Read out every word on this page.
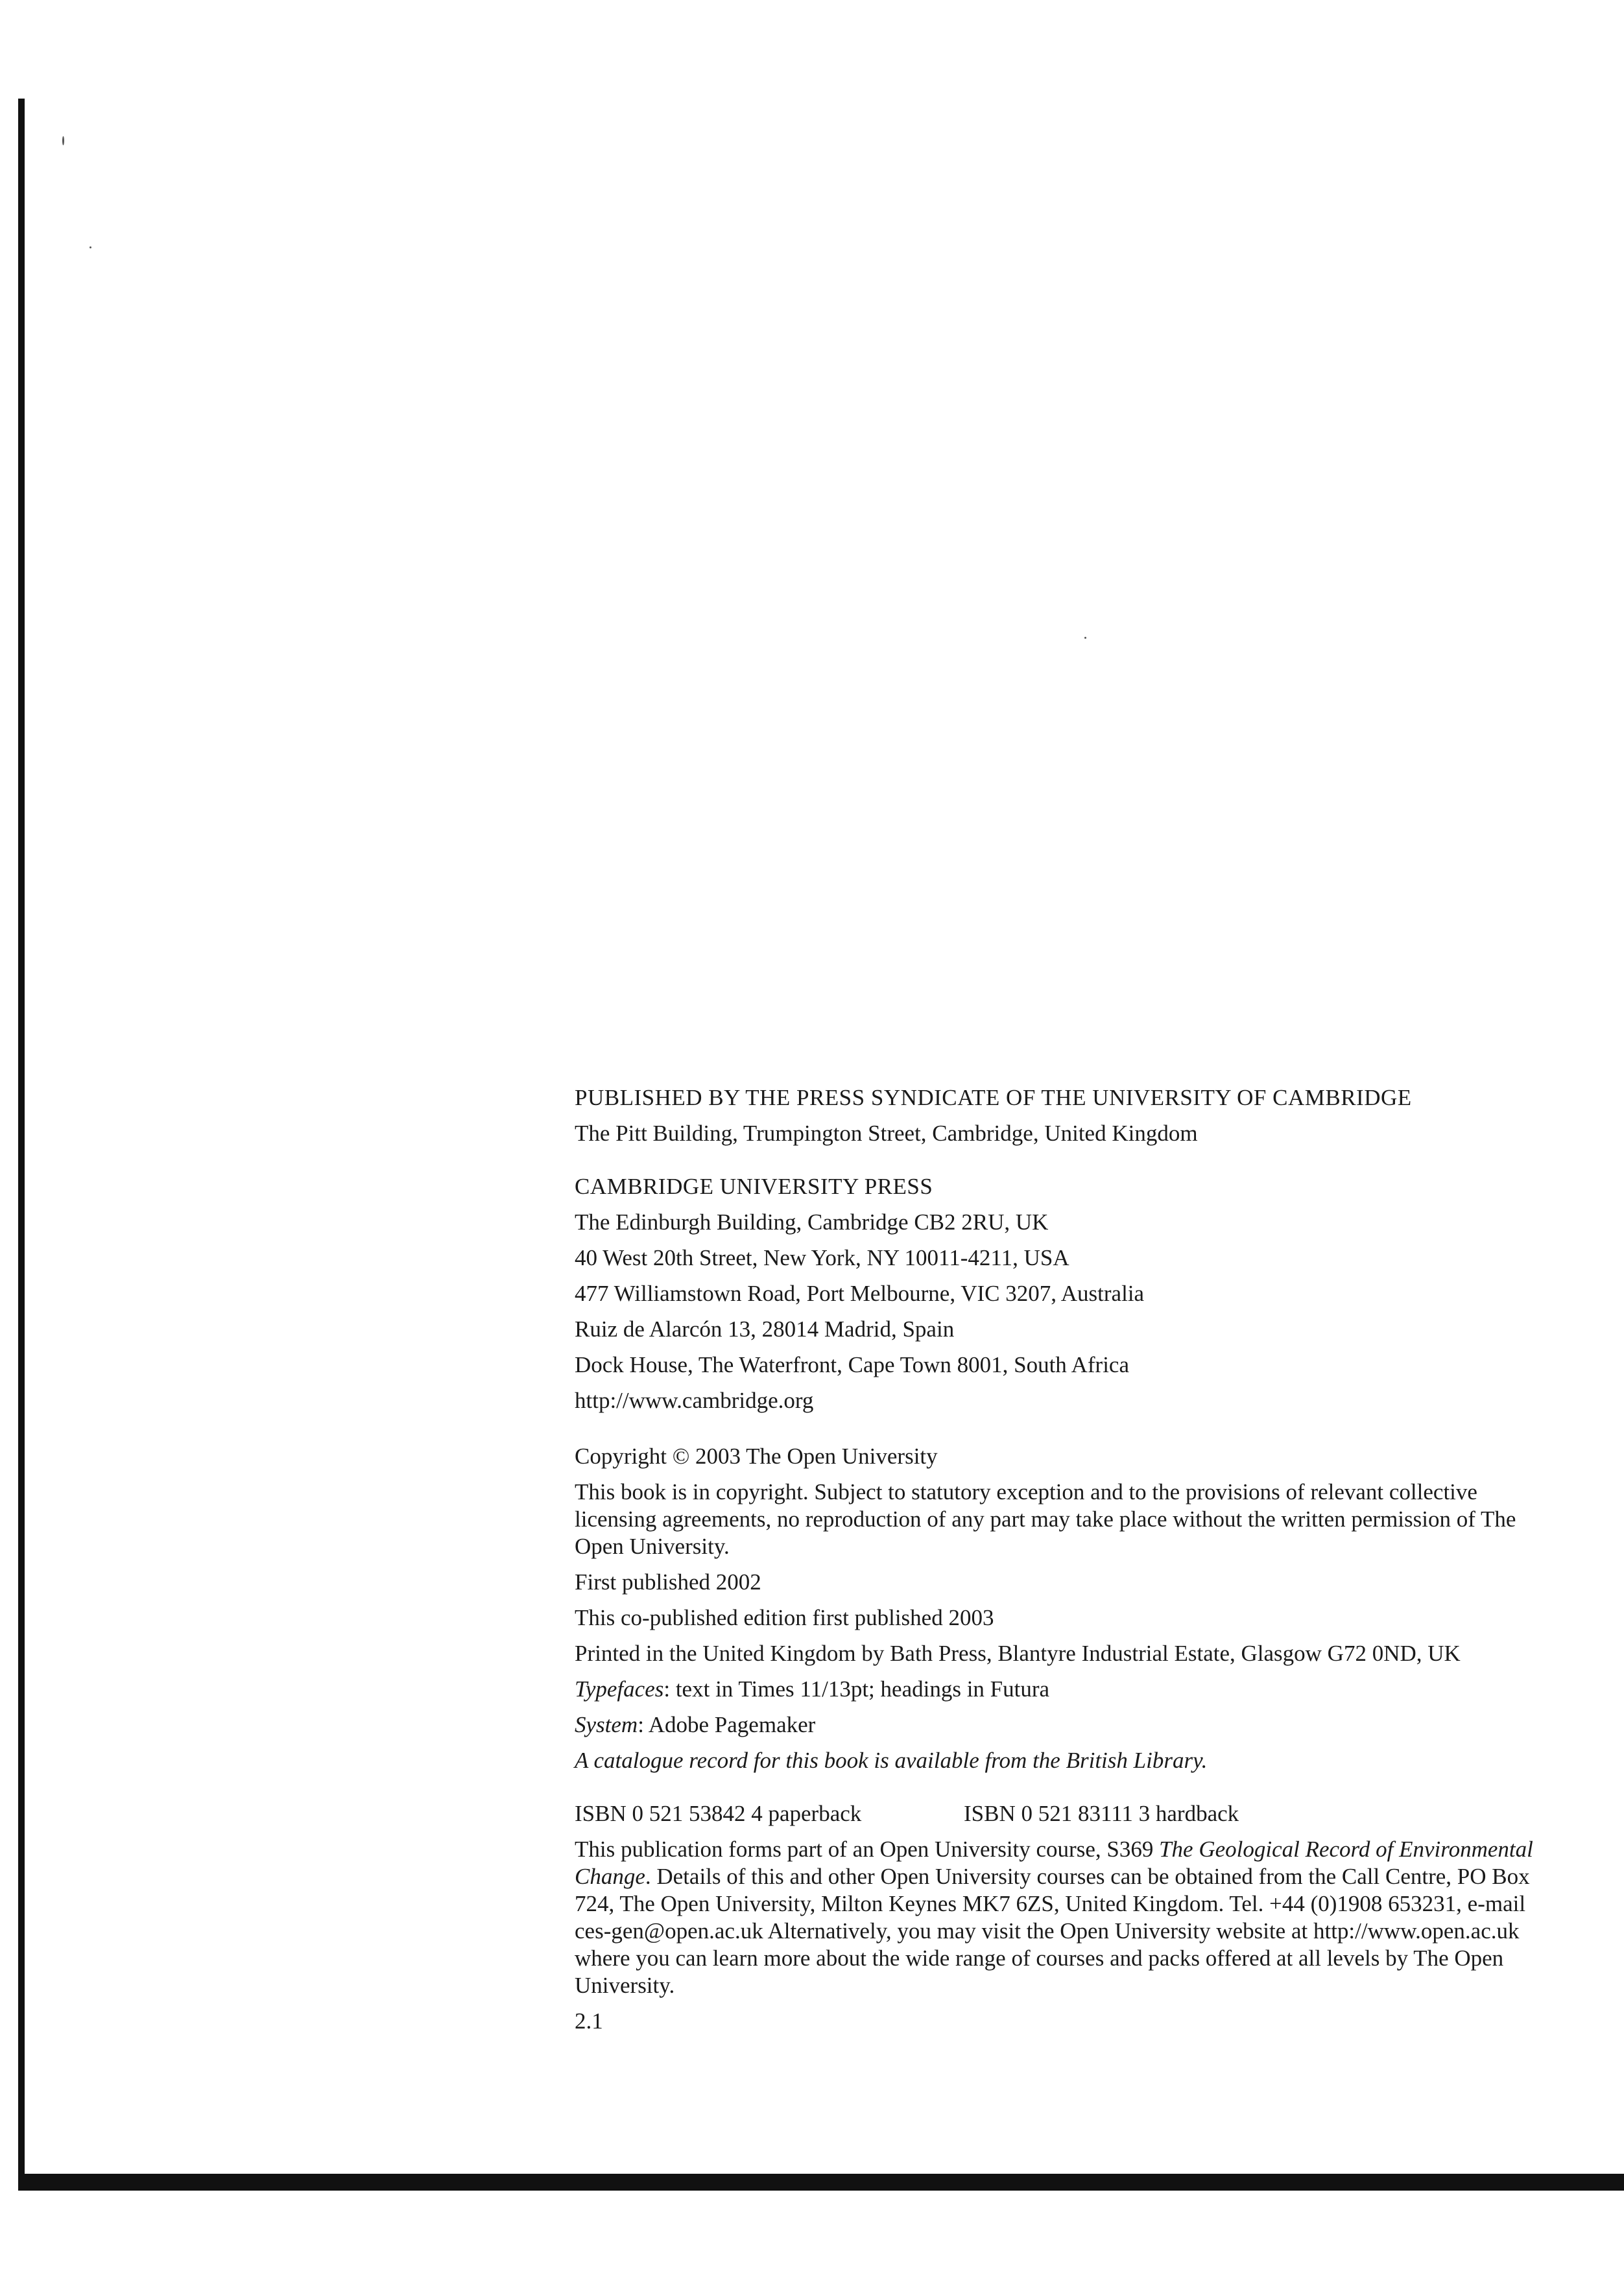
PUBLISHED BY THE PRESS SYNDICATE OF THE UNIVERSITY OF CAMBRIDGE

The Pitt Building, Trumpington Street, Cambridge, United Kingdom

CAMBRIDGE UNIVERSITY PRESS

The Edinburgh Building, Cambridge CB2 2RU, UK

40 West 20th Street, New York, NY 10011-4211, USA

477 Williamstown Road, Port Melbourne, VIC 3207, Australia

Ruiz de Alarcón 13, 28014 Madrid, Spain

Dock House, The Waterfront, Cape Town 8001, South Africa

http://www.cambridge.org

Copyright © 2003 The Open University

This book is in copyright. Subject to statutory exception and to the provisions of relevant collective licensing agreements, no reproduction of any part may take place without the written permission of The Open University.

First published 2002

This co-published edition first published 2003

Printed in the United Kingdom by Bath Press, Blantyre Industrial Estate, Glasgow G72 0ND, UK

Typefaces: text in Times 11/13pt; headings in Futura

System: Adobe Pagemaker

A catalogue record for this book is available from the British Library.

ISBN 0 521 53842 4 paperback	ISBN 0 521 83111 3 hardback

This publication forms part of an Open University course, S369 The Geological Record of Environmental Change. Details of this and other Open University courses can be obtained from the Call Centre, PO Box 724, The Open University, Milton Keynes MK7 6ZS, United Kingdom. Tel. +44 (0)1908 653231, e-mail ces-gen@open.ac.uk Alternatively, you may visit the Open University website at http://www.open.ac.uk where you can learn more about the wide range of courses and packs offered at all levels by The Open University.

2.1
